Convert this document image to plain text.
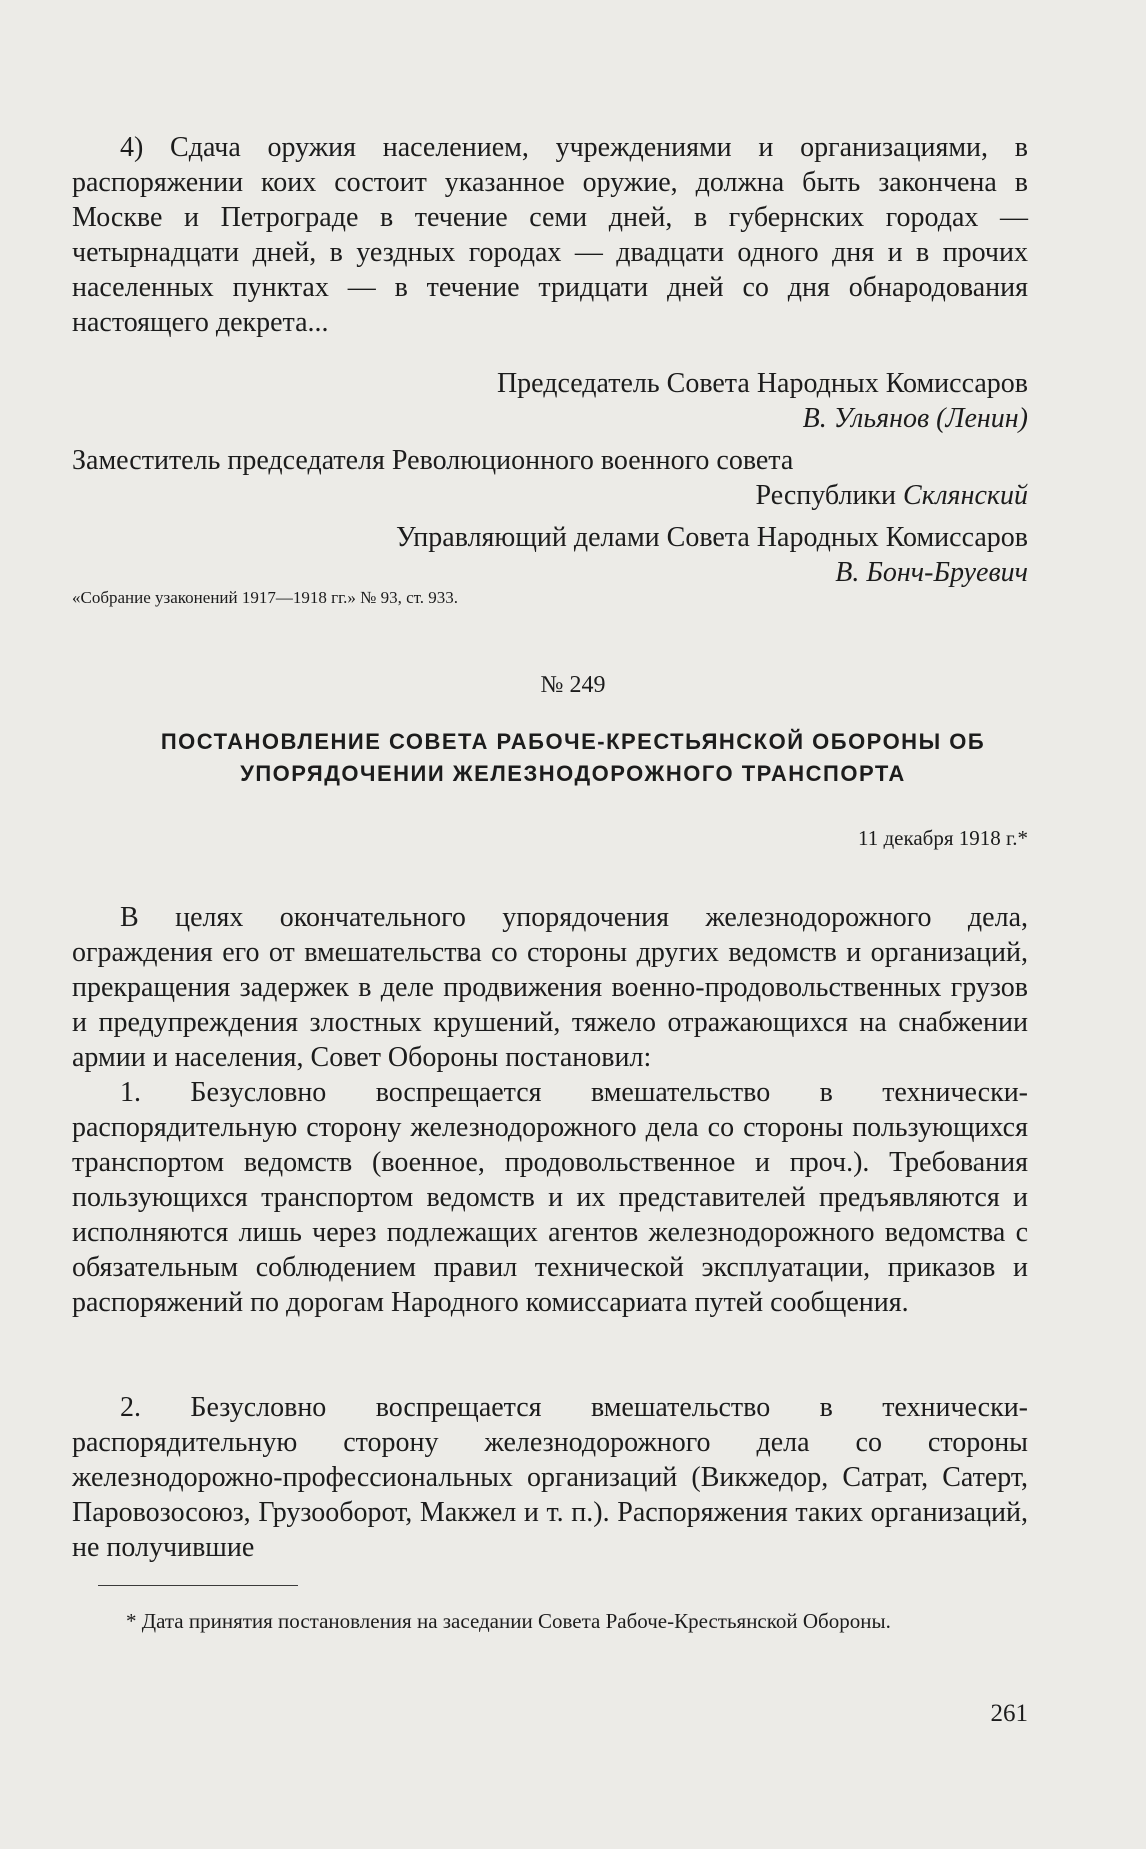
4) Сдача оружия населением, учреждениями и организациями, в распоряжении коих состоит указанное оружие, должна быть закончена в Москве и Петрограде в течение семи дней, в губернских городах — четырнадцати дней, в уездных городах — двадцати одного дня и в прочих населенных пунктах — в течение тридцати дней со дня обнародования настоящего декрета...

Председатель Совета Народных Комиссаров
В. Ульянов (Ленин)

Заместитель председателя Революционного военного совета

Республики Склянский
Управляющий делами Совета Народных Комиссаров
В. Бонч-Бруевич

«Собрание узаконений 1917—1918 гг.» № 93, ст. 933.

№ 249
ПОСТАНОВЛЕНИЕ СОВЕТА РАБОЧЕ-КРЕСТЬЯНСКОЙ ОБОРОНЫ ОБ УПОРЯДОЧЕНИИ ЖЕЛЕЗНОДОРОЖНОГО ТРАНСПОРТА
11 декабря 1918 г.*

В целях окончательного упорядочения железнодорожного дела, ограждения его от вмешательства со стороны других ведомств и организаций, прекращения задержек в деле продвижения военно-продовольственных грузов и предупреждения злостных крушений, тяжело отражающихся на снабжении армии и населения, Совет Обороны постановил:

1. Безусловно воспрещается вмешательство в технически-распорядительную сторону железнодорожного дела со стороны пользующихся транспортом ведомств (военное, продовольственное и проч.). Требования пользующихся транспортом ведомств и их представителей предъявляются и исполняются лишь через подлежащих агентов железнодорожного ведомства с обязательным соблюдением правил технической эксплуатации, приказов и распоряжений по дорогам Народного комиссариата путей сообщения.

2. Безусловно воспрещается вмешательство в технически-распорядительную сторону железнодорожного дела со стороны железнодорожно-профессиональных организаций (Викжедор, Сатрат, Сатерт, Паровозосоюз, Грузооборот, Макжел и т. п.). Распоряжения таких организаций, не получившие

* Дата принятия постановления на заседании Совета Рабоче-Крестьянской Обороны.

261
